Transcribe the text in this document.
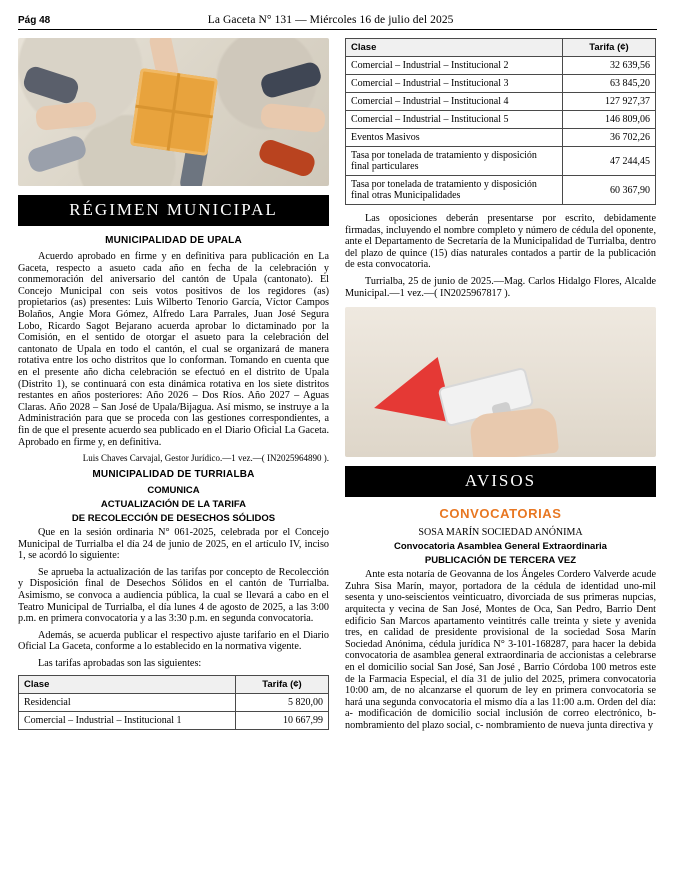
Pág 48	La Gaceta N° 131 — Miércoles 16 de julio del 2025
RÉGIMEN MUNICIPAL
MUNICIPALIDAD DE UPALA

Acuerdo aprobado en firme y en definitiva para publicación en La Gaceta, respecto a asueto cada año en fecha de la celebración y conmemoración del aniversario del cantón de Upala (cantonato). El Concejo Municipal con seis votos positivos de los regidores (as) propietarios (as) presentes: Luis Wilberto Tenorio García, Víctor Campos Bolaños, Angie Mora Gómez, Alfredo Lara Parrales, Juan José Segura Lobo, Ricardo Sagot Bejarano acuerda aprobar lo dictaminado por la Comisión, en el sentido de otorgar el asueto para la celebración del cantonato de Upala en todo el cantón, el cual se organizará de manera rotativa entre los ocho distritos que lo conforman. Tomando en cuenta que en el presente año dicha celebración se efectuó en el distrito de Upala (Distrito 1), se continuará con esta dinámica rotativa en los siete distritos restantes en años posteriores: Año 2026 – Dos Ríos. Año 2027 – Aguas Claras. Año 2028 – San José de Upala/Bijagua. Así mismo, se instruye a la Administración para que se proceda con las gestiones correspondientes, a fin de que el presente acuerdo sea publicado en el Diario Oficial La Gaceta. Aprobado en firme y, en definitiva.

Luis Chaves Carvajal, Gestor Jurídico.—1 vez.—( IN2025964890 ).
MUNICIPALIDAD DE TURRIALBA
COMUNICA
ACTUALIZACIÓN DE LA TARIFA
DE RECOLECCIÓN DE DESECHOS SÓLIDOS

Que en la sesión ordinaria N° 061-2025, celebrada por el Concejo Municipal de Turrialba el día 24 de junio de 2025, en el artículo IV, inciso 1, se acordó lo siguiente:

Se aprueba la actualización de las tarifas por concepto de Recolección y Disposición final de Desechos Sólidos en el cantón de Turrialba. Asimismo, se convoca a audiencia pública, la cual se llevará a cabo en el Teatro Municipal de Turrialba, el día lunes 4 de agosto de 2025, a las 3:00 p.m. en primera convocatoria y a las 3:30 p.m. en segunda convocatoria.

Además, se acuerda publicar el respectivo ajuste tarifario en el Diario Oficial La Gaceta, conforme a lo establecido en la normativa vigente.

Las tarifas aprobadas son las siguientes:

Clase	Tarifa (¢)
Residencial	5 820,00
Comercial – Industrial – Institucional 1	10 667,99
Clase	Tarifa (¢)
Comercial – Industrial – Institucional 2	32 639,56
Comercial – Industrial – Institucional 3	63 845,20
Comercial – Industrial – Institucional 4	127 927,37
Comercial – Industrial – Institucional 5	146 809,06
Eventos Masivos	36 702,26
Tasa por tonelada de tratamiento y disposición final particulares	47 244,45
Tasa por tonelada de tratamiento y disposición final otras Municipalidades	60 367,90

Las oposiciones deberán presentarse por escrito, debidamente firmadas, incluyendo el nombre completo y número de cédula del oponente, ante el Departamento de Secretaría de la Municipalidad de Turrialba, dentro del plazo de quince (15) días naturales contados a partir de la publicación de esta convocatoria.

Turrialba, 25 de junio de 2025.—Mag. Carlos Hidalgo Flores, Alcalde Municipal.—1 vez.—( IN2025967817 ).

AVISOS
CONVOCATORIAS
SOSA MARÍN SOCIEDAD ANÓNIMA
Convocatoria Asamblea General Extraordinaria
PUBLICACIÓN DE TERCERA VEZ

Ante esta notaría de Geovanna de los Ángeles Cordero Valverde acude Zuhra Sisa Marín, mayor, portadora de la cédula de identidad uno-mil sesenta y uno-seiscientos veinticuatro, divorciada de sus primeras nupcias, arquitecta y vecina de San José, Montes de Oca, San Pedro, Barrio Dent edificio San Marcos apartamento veintitrés calle treinta y siete y avenida tres, en calidad de presidente provisional de la sociedad Sosa Marín Sociedad Anónima, cédula jurídica N° 3-101-168287, para hacer la debida convocatoria de asamblea general extraordinaria de accionistas a celebrarse en el domicilio social San José, San José , Barrio Córdoba 100 metros este de la Farmacia Especial, el día 31 de julio del 2025, primera convocatoria 10:00 am, de no alcanzarse el quorum de ley en primera convocatoria se hará una segunda convocatoria el mismo día a las 11:00 a.m. Orden del día: a- modificación de domicilio social inclusión de correo electrónico, b- nombramiento del plazo social, c- nombramiento de nueva junta directiva y
